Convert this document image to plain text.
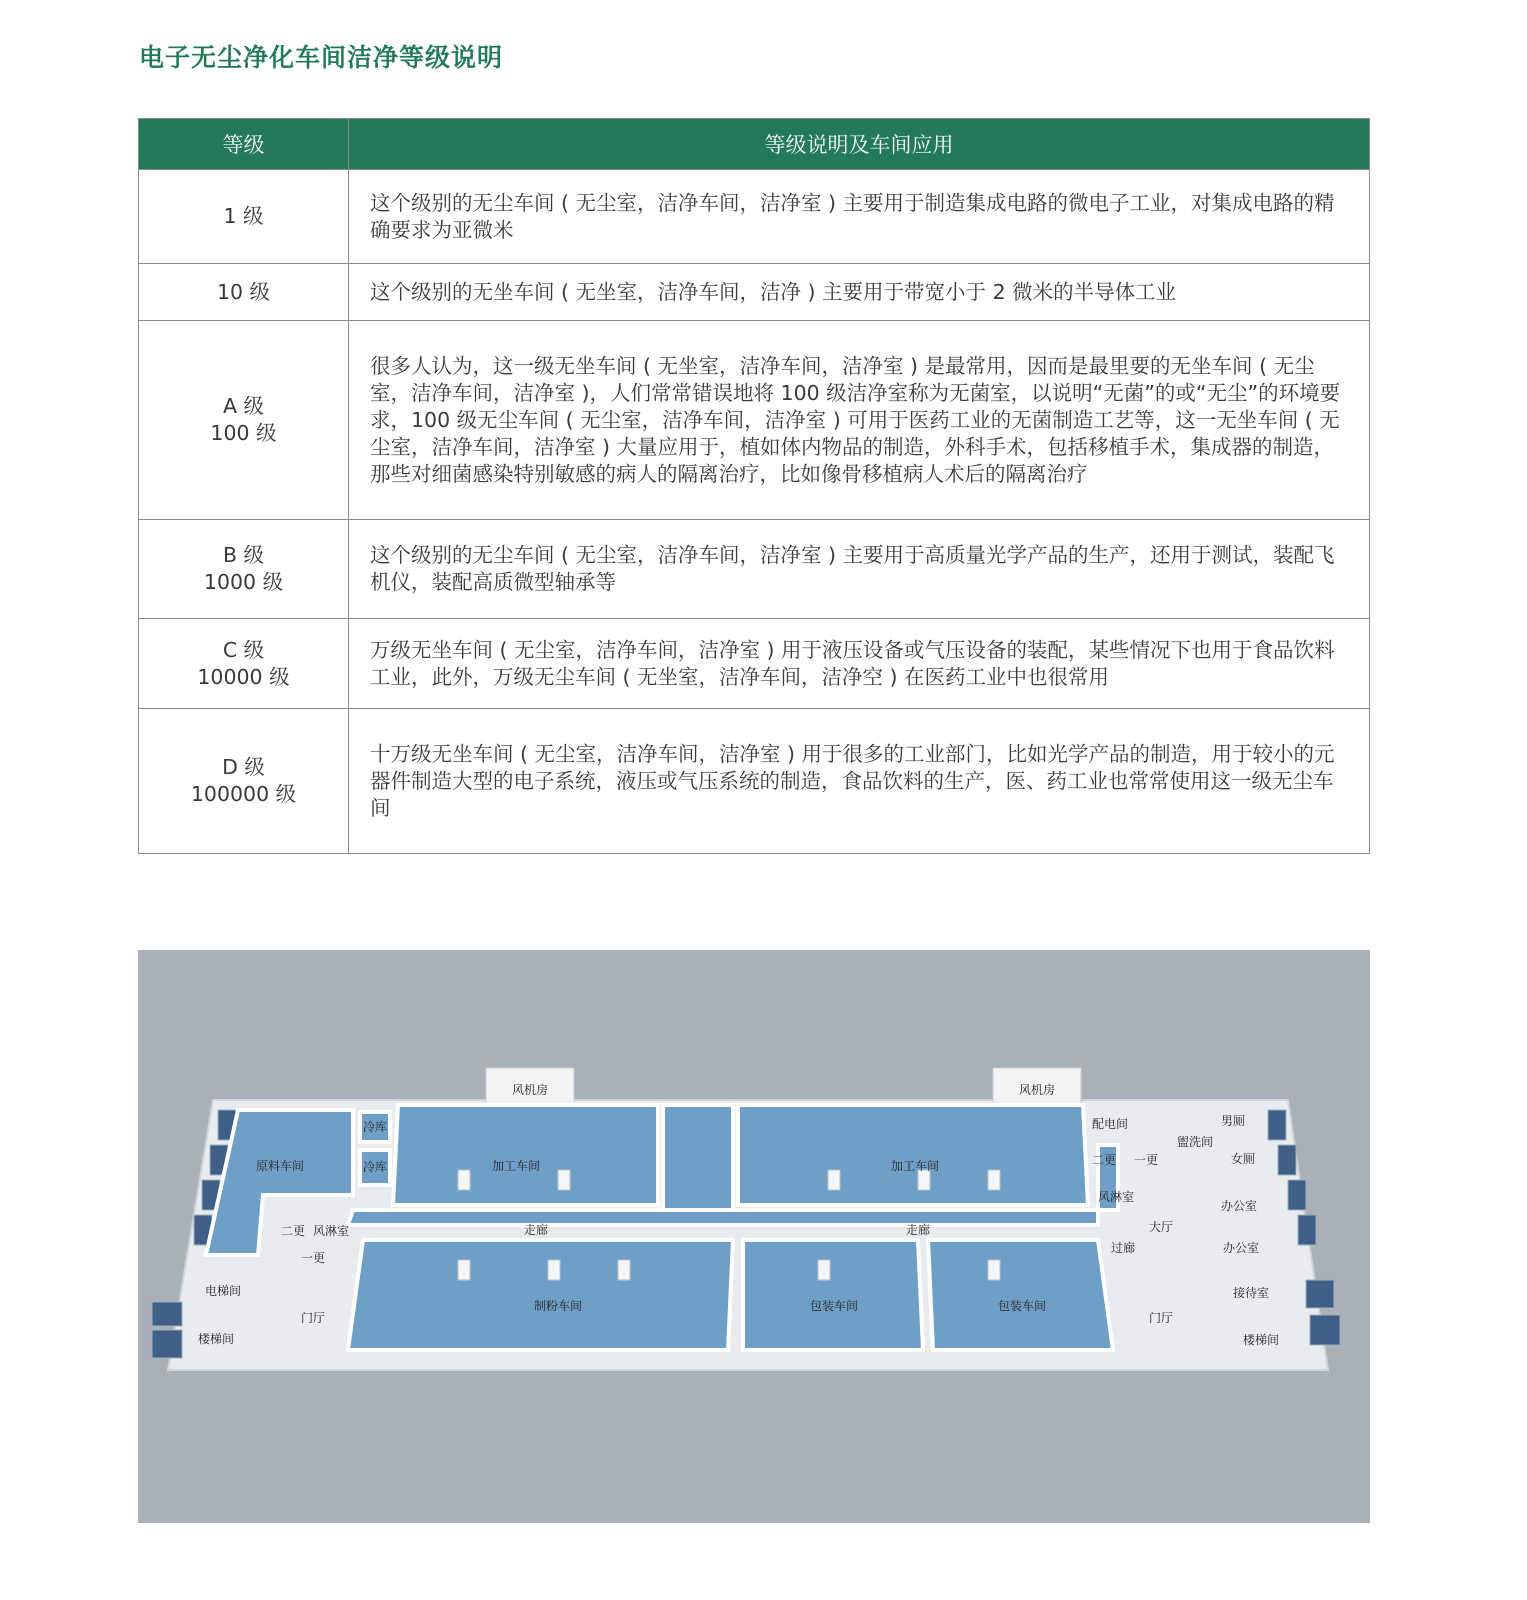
电子无尘净化车间洁净等级说明
等级	等级说明及车间应用
1 级	这个级别的无尘车间 ( 无尘室，洁净车间，洁净室 ) 主要用于制造集成电路的微电子工业，对集成电路的精确要求为亚微米
10 级	这个级别的无坐车间 ( 无坐室，洁净车间，洁净 ) 主要用于带宽小于 2 微米的半导体工业
A 级
100 级	很多人认为，这一级无坐车间 ( 无坐室，洁净车间，洁净室 ) 是最常用，因而是最里要的无坐车间 ( 无尘室，洁净车间，洁净室 )，人们常常错误地将 100 级洁净室称为无菌室，以说明“无菌”的或“无尘”的环境要求，100 级无尘车间 ( 无尘室，洁净车间，洁净室 ) 可用于医药工业的无菌制造工艺等，这一无坐车间 ( 无尘室，洁净车间，洁净室 ) 大量应用于，植如体内物品的制造，外科手术，包括移植手术，集成器的制造，那些对细菌感染特别敏感的病人的隔离治疗，比如像骨移植病人术后的隔离治疗
B 级
1000 级	这个级别的无尘车间 ( 无尘室，洁净车间，洁净室 ) 主要用于高质量光学产品的生产，还用于测试，装配飞机仪，装配高质微型轴承等
C 级
10000 级	万级无坐车间 ( 无尘室，洁净车间，洁净室 ) 用于液压设备或气压设备的装配，某些情况下也用于食品饮料工业，此外，万级无尘车间 ( 无坐室，洁净车间，洁净空 ) 在医药工业中也很常用
D 级
100000 级	十万级无坐车间 ( 无尘室，洁净车间，洁净室 ) 用于很多的工业部门，比如光学产品的制造，用于较小的元器件制造大型的电子系统，液压或气压系统的制造，食品饮料的生产，医、药工业也常常使用这一级无尘车间
风机房	风机房
冷库
冷库
原料车间	加工车间	加工车间
走廊	走廊
二更 风淋室
一更
电梯间
楼梯间
门厅
制粉车间	包装车间	包装车间
配电间
盥洗间
男厕
女厕
二更 一更
风淋室
办公室
办公室
大厅
过廊
接待室
门厅
楼梯间
